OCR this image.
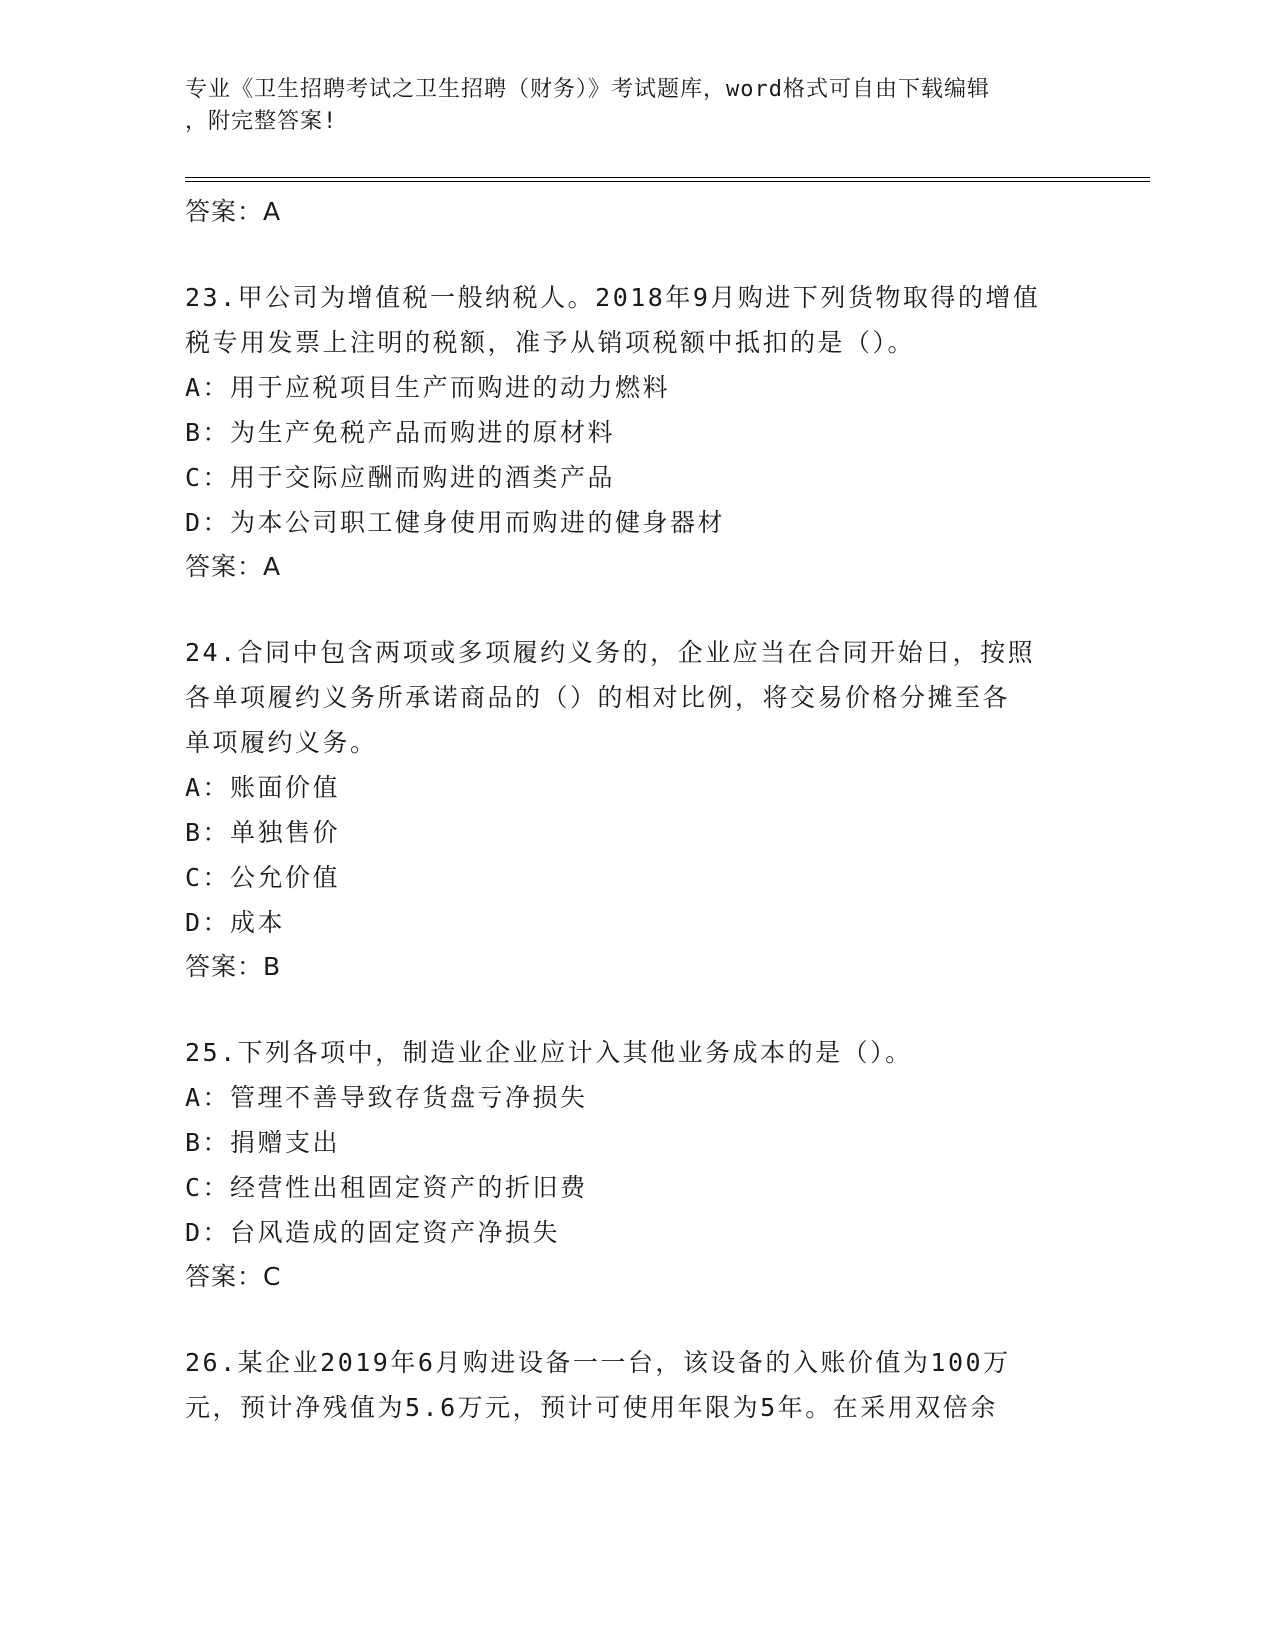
专业《卫生招聘考试之卫生招聘（财务）》考试题库，word格式可自由下载编辑
，附完整答案!

答案：A

23.甲公司为增值税一般纳税人。2018年9月购进下列货物取得的增值

税专用发票上注明的税额，准予从销项税额中抵扣的是（）。

A：用于应税项目生产而购进的动力燃料

B：为生产免税产品而购进的原材料

C：用于交际应酬而购进的酒类产品

D：为本公司职工健身使用而购进的健身器材

答案：A

24.合同中包含两项或多项履约义务的，企业应当在合同开始日，按照

各单项履约义务所承诺商品的（）的相对比例，将交易价格分摊至各

单项履约义务。

A：账面价值

B：单独售价

C：公允价值

D：成本

答案：B

25.下列各项中，制造业企业应计入其他业务成本的是（）。

A：管理不善导致存货盘亏净损失

B：捐赠支出

C：经营性出租固定资产的折旧费

D：台风造成的固定资产净损失

答案：C

26.某企业2019年6月购进设备一一台，该设备的入账价值为100万

元，预计净残值为5.6万元，预计可使用年限为5年。在采用双倍余
